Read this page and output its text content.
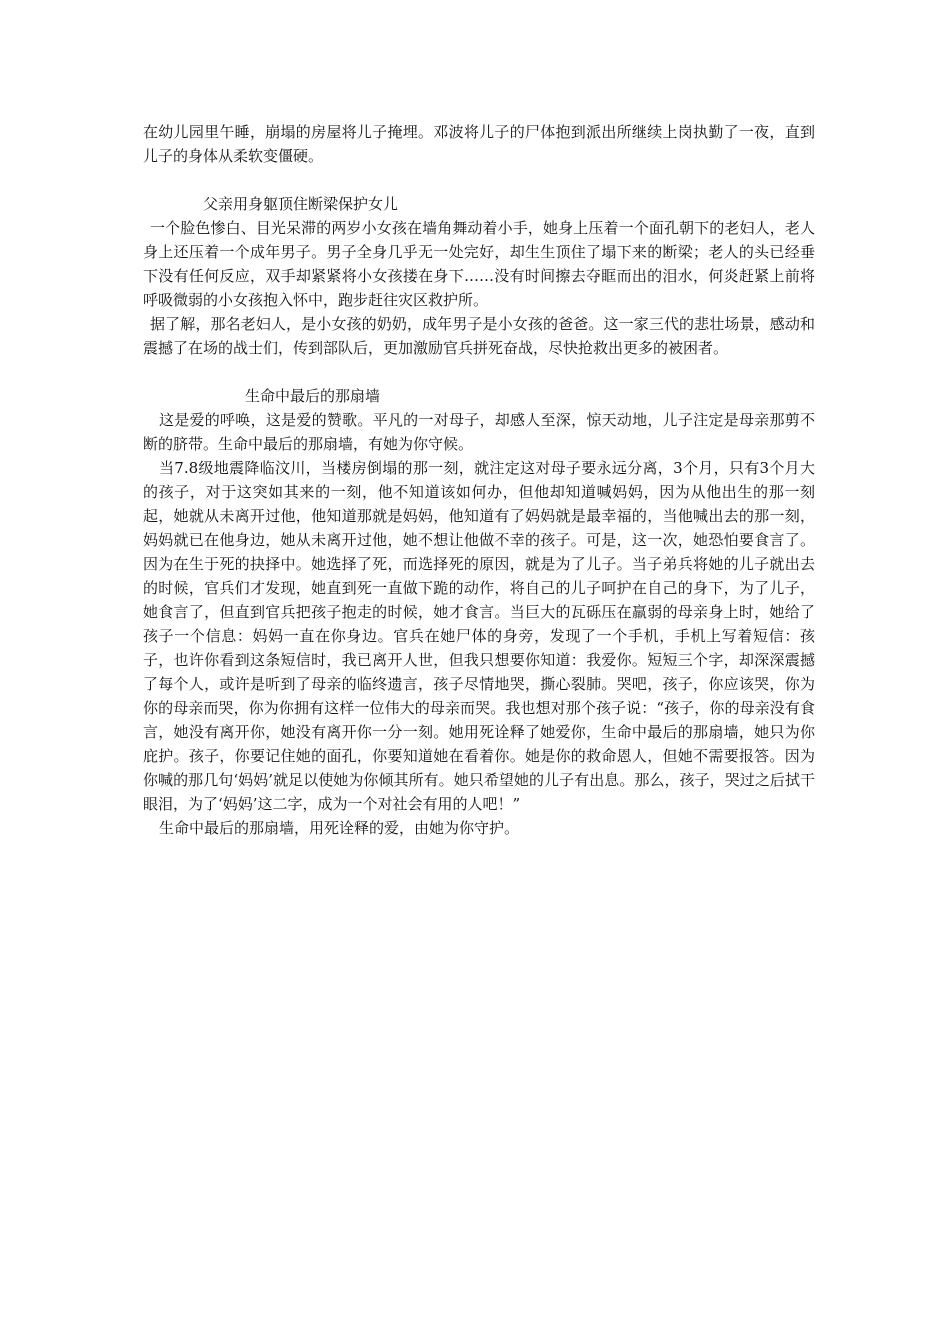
在幼儿园里午睡，崩塌的房屋将儿子掩埋。邓波将儿子的尸体抱到派出所继续上岗执勤了一夜，直到儿子的身体从柔软变僵硬。

父亲用身躯顶住断梁保护女儿

一个脸色惨白、目光呆滞的两岁小女孩在墙角舞动着小手，她身上压着一个面孔朝下的老妇人，老人身上还压着一个成年男子。男子全身几乎无一处完好，却生生顶住了塌下来的断梁；老人的头已经垂下没有任何反应，双手却紧紧将小女孩搂在身下……没有时间擦去夺眶而出的泪水，何炎赶紧上前将呼吸微弱的小女孩抱入怀中，跑步赶往灾区救护所。

据了解，那名老妇人，是小女孩的奶奶，成年男子是小女孩的爸爸。这一家三代的悲壮场景，感动和震撼了在场的战士们，传到部队后，更加激励官兵拼死奋战，尽快抢救出更多的被困者。

生命中最后的那扇墙

这是爱的呼唤，这是爱的赞歌。平凡的一对母子，却感人至深，惊天动地，儿子注定是母亲那剪不断的脐带。生命中最后的那扇墙，有她为你守候。

当7.8级地震降临汶川，当楼房倒塌的那一刻，就注定这对母子要永远分离，3个月，只有3个月大的孩子，对于这突如其来的一刻，他不知道该如何办，但他却知道喊妈妈，因为从他出生的那一刻起，她就从未离开过他，他知道那就是妈妈，他知道有了妈妈就是最幸福的，当他喊出去的那一刻，妈妈就已在他身边，她从未离开过他，她不想让他做不幸的孩子。可是，这一次，她恐怕要食言了。因为在生于死的抉择中。她选择了死，而选择死的原因，就是为了儿子。当子弟兵将她的儿子就出去的时候，官兵们才发现，她直到死一直做下跪的动作，将自己的儿子呵护在自己的身下，为了儿子，她食言了，但直到官兵把孩子抱走的时候，她才食言。当巨大的瓦砾压在羸弱的母亲身上时，她给了孩子一个信息：妈妈一直在你身边。官兵在她尸体的身旁，发现了一个手机，手机上写着短信：孩子，也许你看到这条短信时，我已离开人世，但我只想要你知道：我爱你。短短三个字，却深深震撼了每个人，或许是听到了母亲的临终遗言，孩子尽情地哭，撕心裂肺。哭吧，孩子，你应该哭，你为你的母亲而哭，你为你拥有这样一位伟大的母亲而哭。我也想对那个孩子说：“孩子，你的母亲没有食言，她没有离开你，她没有离开你一分一刻。她用死诠释了她爱你，生命中最后的那扇墙，她只为你庇护。孩子，你要记住她的面孔，你要知道她在看着你。她是你的救命恩人，但她不需要报答。因为你喊的那几句‘妈妈’就足以使她为你倾其所有。她只希望她的儿子有出息。那么，孩子，哭过之后拭干眼泪，为了‘妈妈’这二字，成为一个对社会有用的人吧！”

生命中最后的那扇墙，用死诠释的爱，由她为你守护。
